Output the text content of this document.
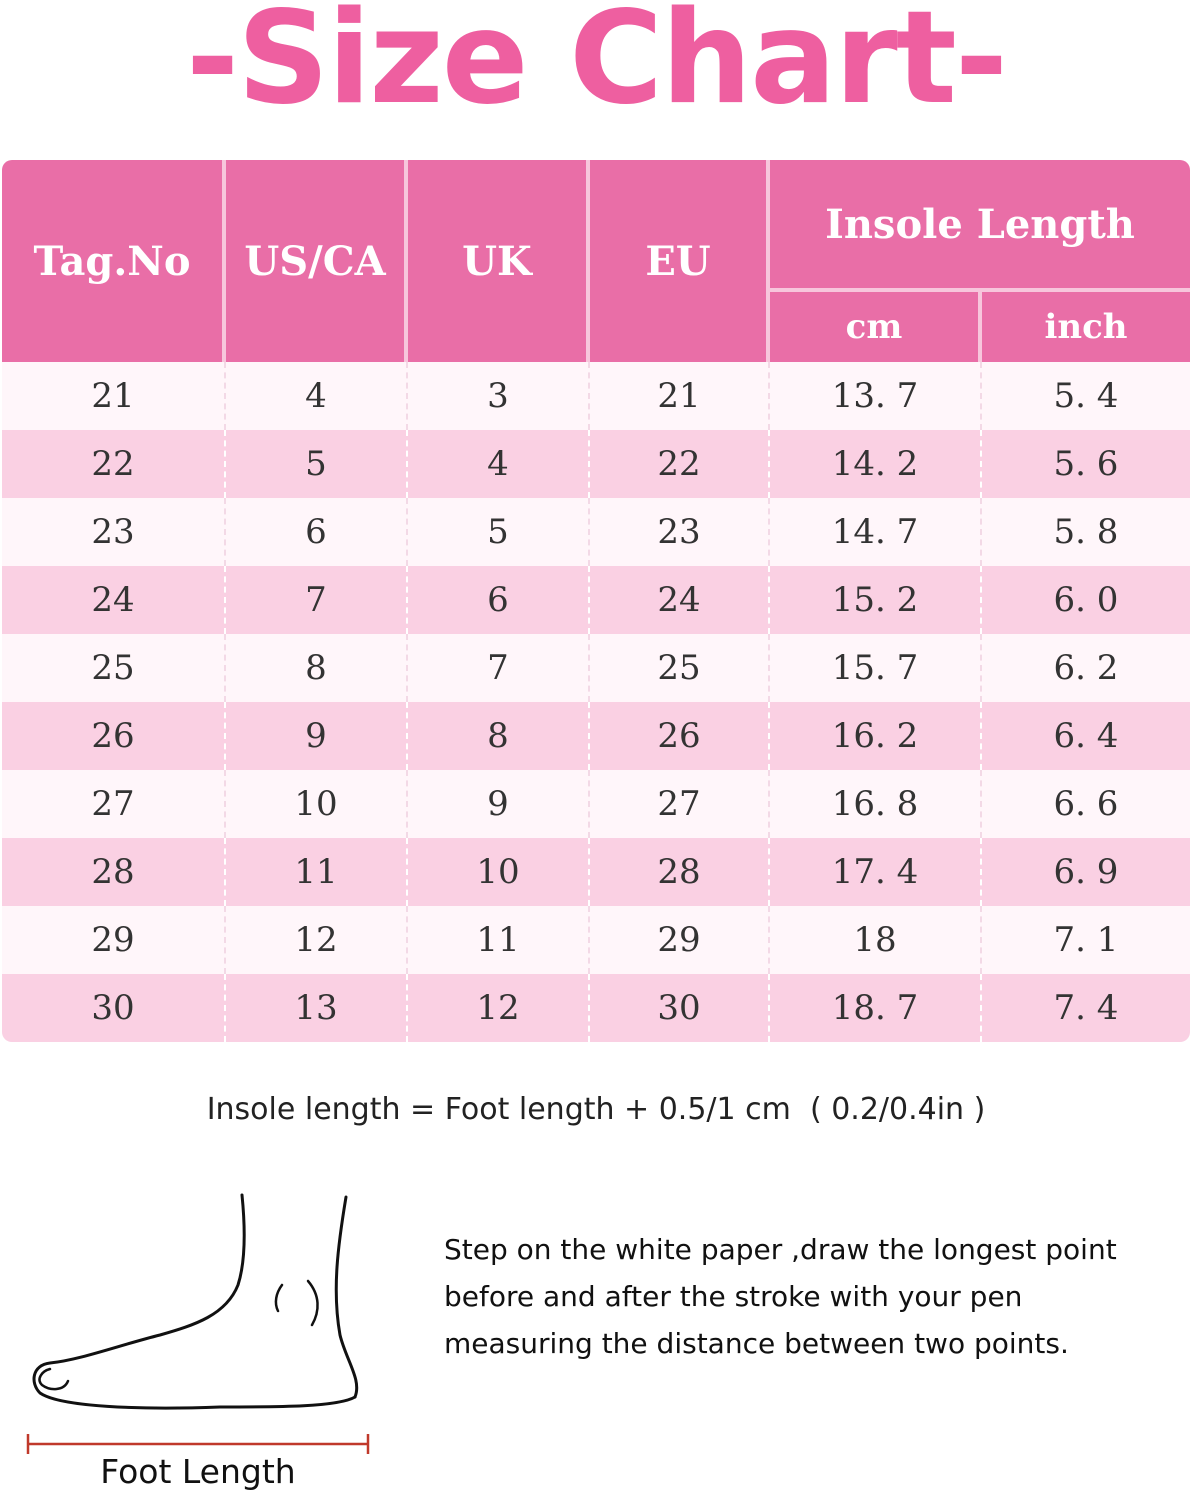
-Size Chart-
Tag.No	US/CA	UK	EU	Insole Length	
				cm	inch
21	4	3	21	13. 7	5. 4
22	5	4	22	14. 2	5. 6
23	6	5	23	14. 7	5. 8
24	7	6	24	15. 2	6. 0
25	8	7	25	15. 7	6. 2
26	9	8	26	16. 2	6. 4
27	10	9	27	16. 8	6. 6
28	11	10	28	17. 4	6. 9
29	12	11	29	18	7. 1
30	13	12	30	18. 7	7. 4
Insole length = Foot length + 0.5/1 cm  ( 0.2/0.4in )
Foot Length
Step on the white paper ,draw the longest point before and after the stroke with your pen measuring the distance between two points.
